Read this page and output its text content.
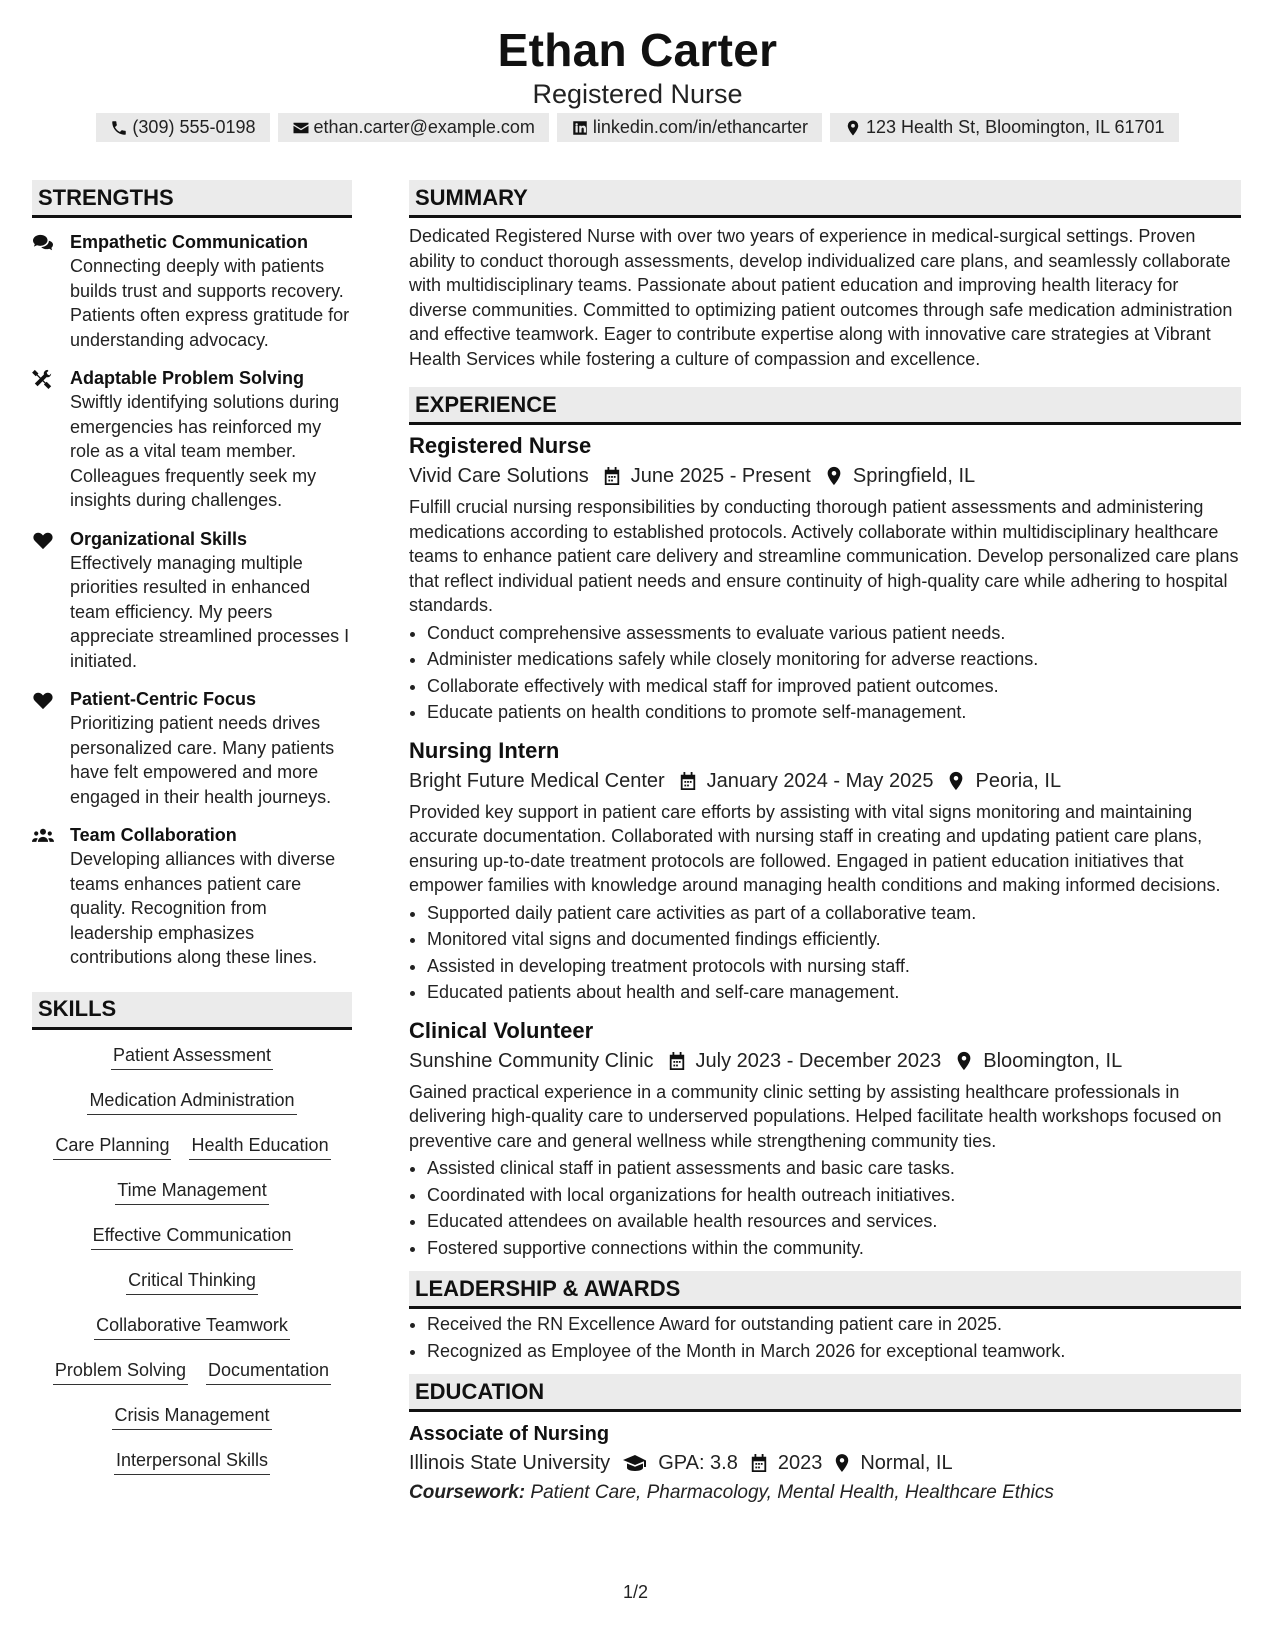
Ethan Carter
Registered Nurse
(309) 555-0198	ethan.carter@example.com	linkedin.com/in/ethancarter	123 Health St, Bloomington, IL 61701
STRENGTHS
Empathetic Communication
Connecting deeply with patients builds trust and supports recovery. Patients often express gratitude for understanding advocacy.
Adaptable Problem Solving
Swiftly identifying solutions during emergencies has reinforced my role as a vital team member. Colleagues frequently seek my insights during challenges.
Organizational Skills
Effectively managing multiple priorities resulted in enhanced team efficiency. My peers appreciate streamlined processes I initiated.
Patient-Centric Focus
Prioritizing patient needs drives personalized care. Many patients have felt empowered and more engaged in their health journeys.
Team Collaboration
Developing alliances with diverse teams enhances patient care quality. Recognition from leadership emphasizes contributions along these lines.
SKILLS
Patient Assessment
Medication Administration
Care Planning Health Education
Time Management
Effective Communication
Critical Thinking
Collaborative Teamwork
Problem Solving Documentation
Crisis Management
Interpersonal Skills
SUMMARY
Dedicated Registered Nurse with over two years of experience in medical-surgical settings. Proven ability to conduct thorough assessments, develop individualized care plans, and seamlessly collaborate with multidisciplinary teams. Passionate about patient education and improving health literacy for diverse communities. Committed to optimizing patient outcomes through safe medication administration and effective teamwork. Eager to contribute expertise along with innovative care strategies at Vibrant Health Services while fostering a culture of compassion and excellence.
EXPERIENCE
Registered Nurse
Vivid Care Solutions June 2025 - Present Springfield, IL
Fulfill crucial nursing responsibilities by conducting thorough patient assessments and administering medications according to established protocols. Actively collaborate within multidisciplinary healthcare teams to enhance patient care delivery and streamline communication. Develop personalized care plans that reflect individual patient needs and ensure continuity of high-quality care while adhering to hospital standards.
• Conduct comprehensive assessments to evaluate various patient needs.
• Administer medications safely while closely monitoring for adverse reactions.
• Collaborate effectively with medical staff for improved patient outcomes.
• Educate patients on health conditions to promote self-management.
Nursing Intern
Bright Future Medical Center January 2024 - May 2025 Peoria, IL
Provided key support in patient care efforts by assisting with vital signs monitoring and maintaining accurate documentation. Collaborated with nursing staff in creating and updating patient care plans, ensuring up-to-date treatment protocols are followed. Engaged in patient education initiatives that empower families with knowledge around managing health conditions and making informed decisions.
• Supported daily patient care activities as part of a collaborative team.
• Monitored vital signs and documented findings efficiently.
• Assisted in developing treatment protocols with nursing staff.
• Educated patients about health and self-care management.
Clinical Volunteer
Sunshine Community Clinic July 2023 - December 2023 Bloomington, IL
Gained practical experience in a community clinic setting by assisting healthcare professionals in delivering high-quality care to underserved populations. Helped facilitate health workshops focused on preventive care and general wellness while strengthening community ties.
• Assisted clinical staff in patient assessments and basic care tasks.
• Coordinated with local organizations for health outreach initiatives.
• Educated attendees on available health resources and services.
• Fostered supportive connections within the community.
LEADERSHIP & AWARDS
• Received the RN Excellence Award for outstanding patient care in 2025.
• Recognized as Employee of the Month in March 2026 for exceptional teamwork.
EDUCATION
Associate of Nursing
Illinois State University GPA: 3.8 2023 Normal, IL
Coursework: Patient Care, Pharmacology, Mental Health, Healthcare Ethics
1/2
